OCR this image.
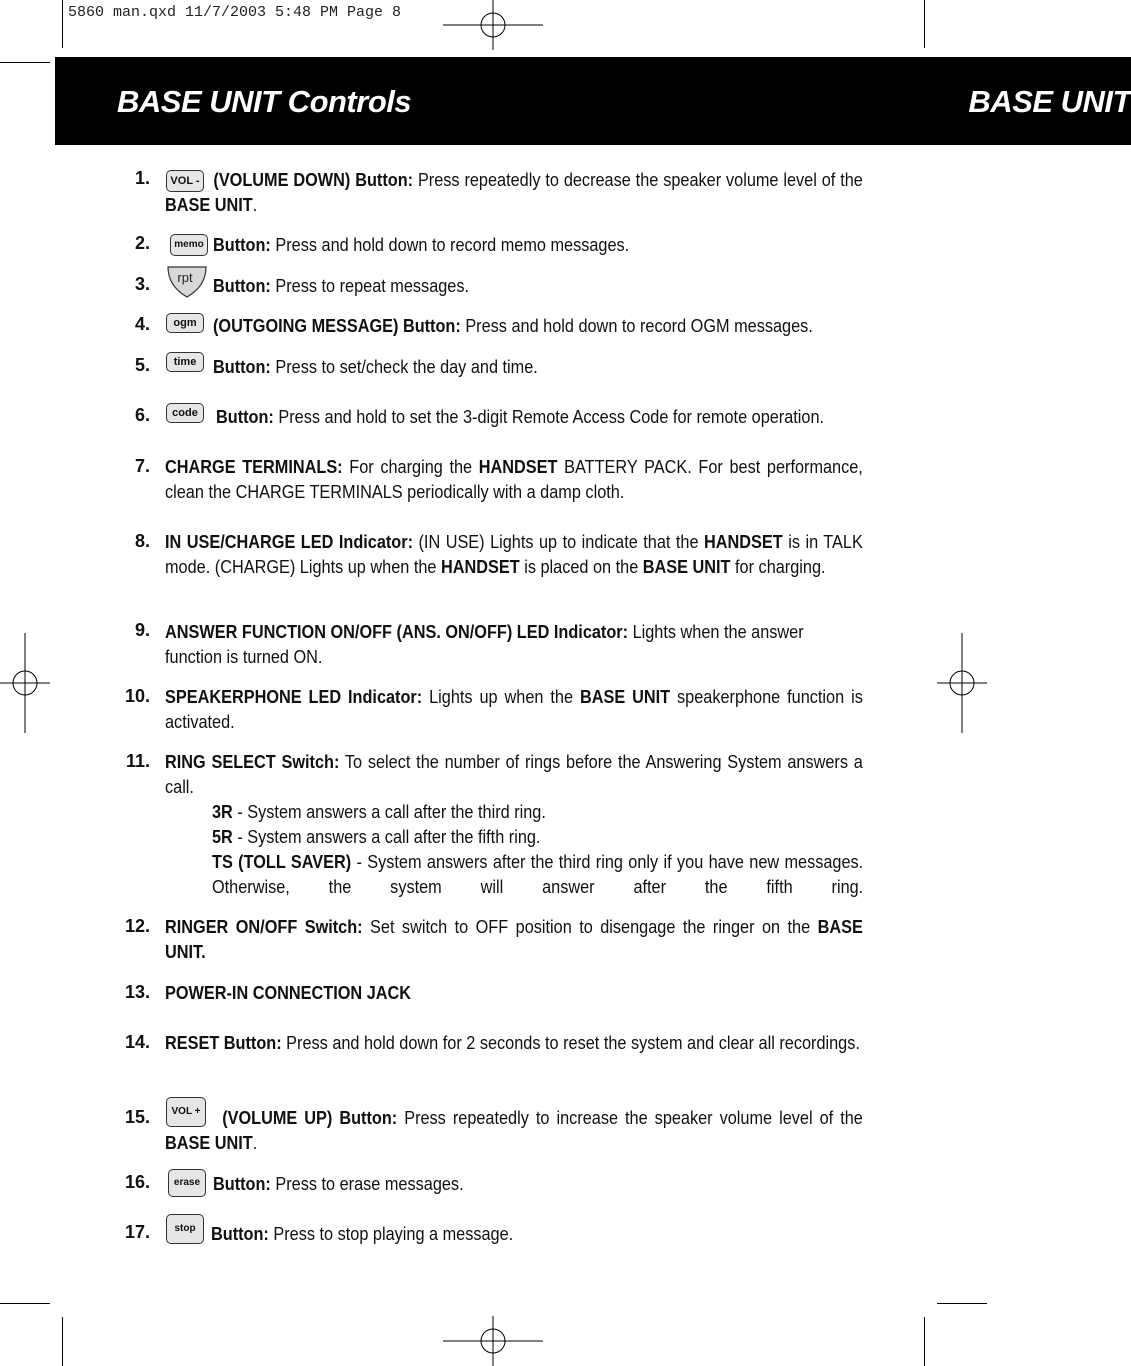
5860 man.qxd 11/7/2003 5:48 PM Page 8
BASE UNIT Controls	BASE UNIT
1.	(VOLUME DOWN) Button: Press repeatedly to decrease the speaker volume level of the BASE UNIT.
VOL -
2.	memo Button: Press and hold down to record memo messages.
3. rpt Button: Press to repeat messages.
4.	ogm (OUTGOING MESSAGE) Button: Press and hold down to record OGM messages.
5.	time Button: Press to set/check the day and time.
6.	code Button: Press and hold to set the 3-digit Remote Access Code for remote operation.
7. CHARGE TERMINALS: For charging the HANDSET BATTERY PACK. For best performance, clean the CHARGE TERMINALS periodically with a damp cloth.
8. IN USE/CHARGE LED Indicator: (IN USE) Lights up to indicate that the HANDSET is in TALK mode. (CHARGE) Lights up when the HANDSET is placed on the BASE UNIT for charging.
9. ANSWER FUNCTION ON/OFF (ANS. ON/OFF) LED Indicator: Lights when the answer function is turned ON.
10. SPEAKERPHONE LED Indicator: Lights up when the BASE UNIT speakerphone function is activated.
11. RING SELECT Switch: To select the number of rings before the Answering System answers a call.
3R - System answers a call after the third ring.
5R - System answers a call after the fifth ring.
TS (TOLL SAVER) - System answers after the third ring only if you have new messages. Otherwise, the system will answer after the fifth ring.
12. RINGER ON/OFF Switch: Set switch to OFF position to disengage the ringer on the BASE UNIT.
13. POWER-IN CONNECTION JACK
14. RESET Button: Press and hold down for 2 seconds to reset the system and clear all recordings.
15.	VOL +	(VOLUME UP) Button: Press repeatedly to increase the speaker volume level of the BASE UNIT.
16.	erase Button: Press to erase messages.
17.	stop Button: Press to stop playing a message.
